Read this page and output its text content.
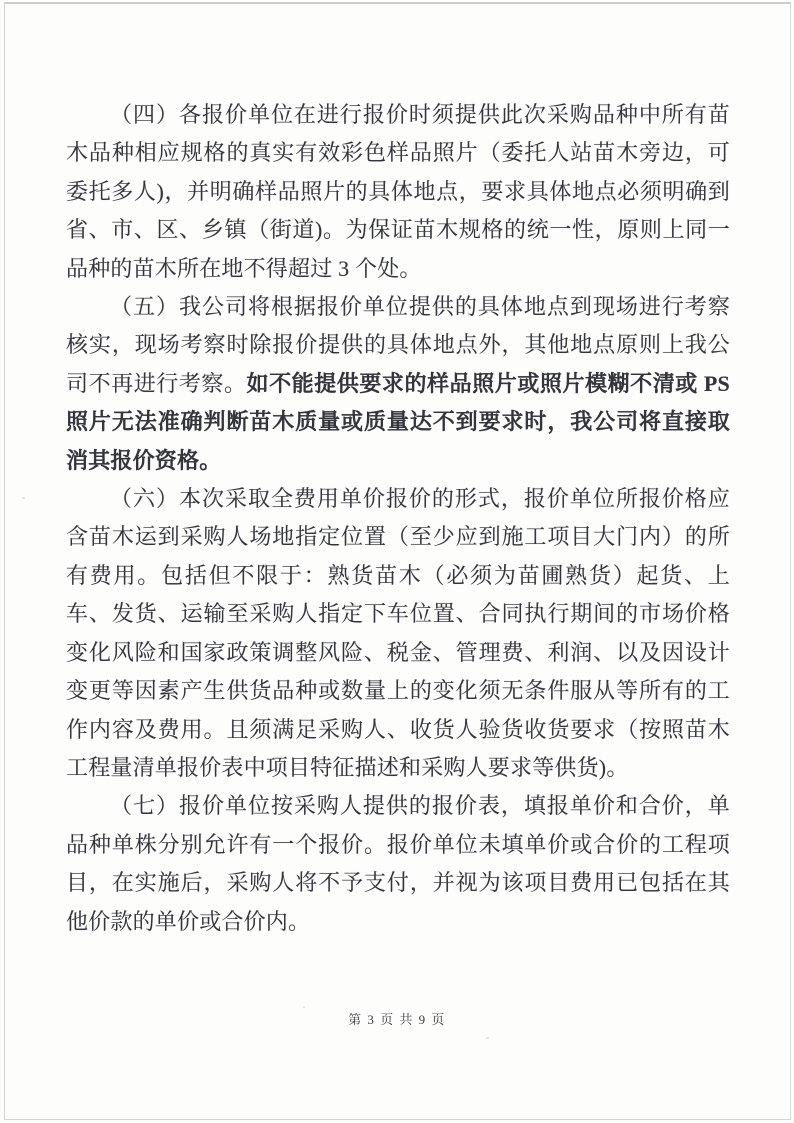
（四）各报价单位在进行报价时须提供此次采购品种中所有苗木品种相应规格的真实有效彩色样品照片（委托人站苗木旁边，可委托多人)，并明确样品照片的具体地点，要求具体地点必须明确到省、市、区、乡镇（街道)。为保证苗木规格的统一性，原则上同一品种的苗木所在地不得超过 3 个处。

（五）我公司将根据报价单位提供的具体地点到现场进行考察核实，现场考察时除报价提供的具体地点外，其他地点原则上我公司不再进行考察。如不能提供要求的样品照片或照片模糊不清或 PS 照片无法准确判断苗木质量或质量达不到要求时，我公司将直接取消其报价资格。

（六）本次采取全费用单价报价的形式，报价单位所报价格应含苗木运到采购人场地指定位置（至少应到施工项目大门内）的所有费用。包括但不限于：熟货苗木（必须为苗圃熟货）起货、上车、发货、运输至采购人指定下车位置、合同执行期间的市场价格变化风险和国家政策调整风险、税金、管理费、利润、以及因设计变更等因素产生供货品种或数量上的变化须无条件服从等所有的工作内容及费用。且须满足采购人、收货人验货收货要求（按照苗木工程量清单报价表中项目特征描述和采购人要求等供货)。

（七）报价单位按采购人提供的报价表，填报单价和合价，单品种单株分别允许有一个报价。报价单位未填单价或合价的工程项目，在实施后，采购人将不予支付，并视为该项目费用已包括在其他价款的单价或合价内。

第 3 页 共 9 页
